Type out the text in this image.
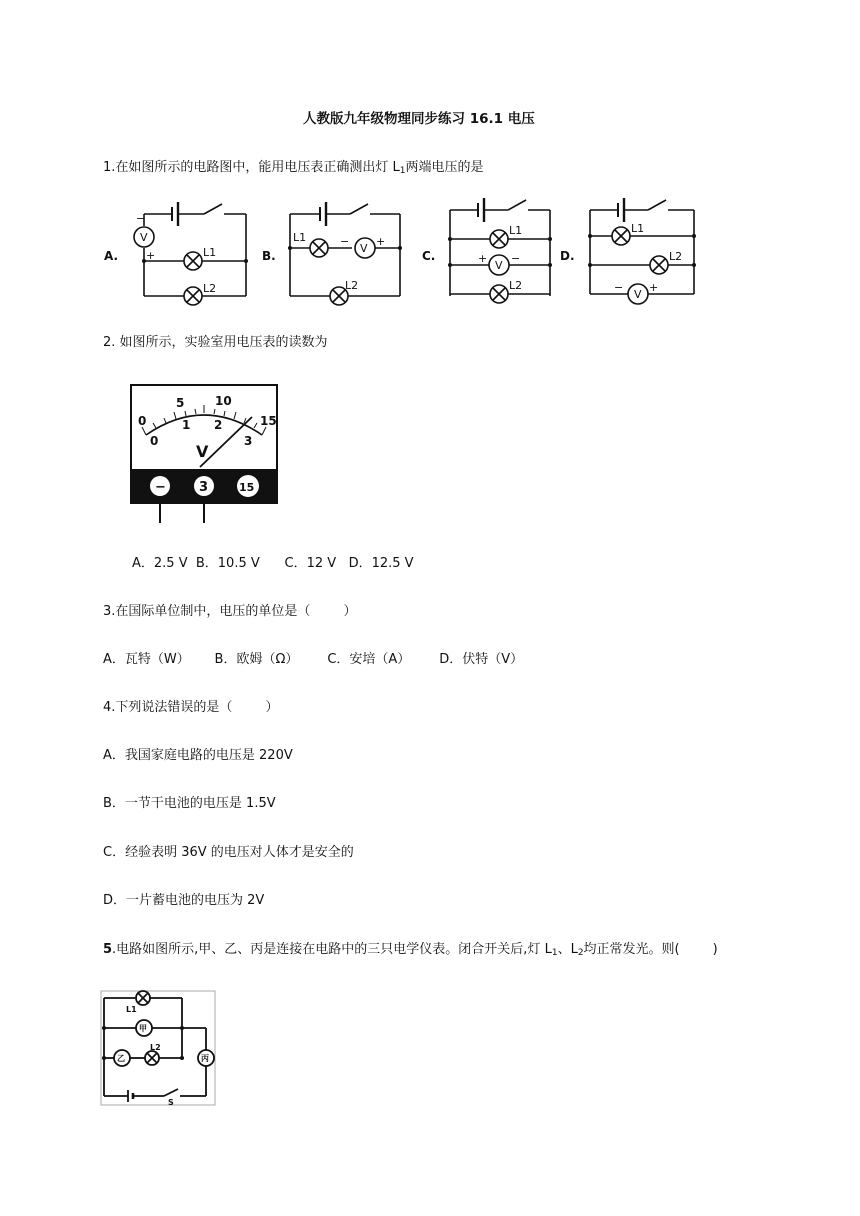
人教版九年级物理同步练习 16.1 电压
1.在如图所示的电路图中，能用电压表正确测出灯 $L_1$两端电压的是
A.	B.	C.	D.
V
V
V
V
L1
L2
L1
L2
L1
L2
L1
L2
−
+
− +
+ −
− +
2. 如图所示，实验室用电压表的读数为
0
5	10
15
0
1 2
3
V
−	3	15
A．2.5 V  B．10.5 V      C．12 V   D．12.5 V
3.在国际单位制中，电压的单位是（        ）
A．瓦特（W）      B．欧姆（Ω）       C．安培（A）       D．伏特（V）
4.下列说法错误的是（        ）
A．我国家庭电路的电压是 220V
B．一节干电池的电压是 1.5V
C．经验表明 36V 的电压对人体才是安全的
D．一片蓄电池的电压为 2V
5.电路如图所示,甲、乙、丙是连接在电路中的三只电学仪表。闭合开关后,灯 $L_1$、$L_2$均正常发光。则(        )
L1
L2
甲
乙	丙
S
